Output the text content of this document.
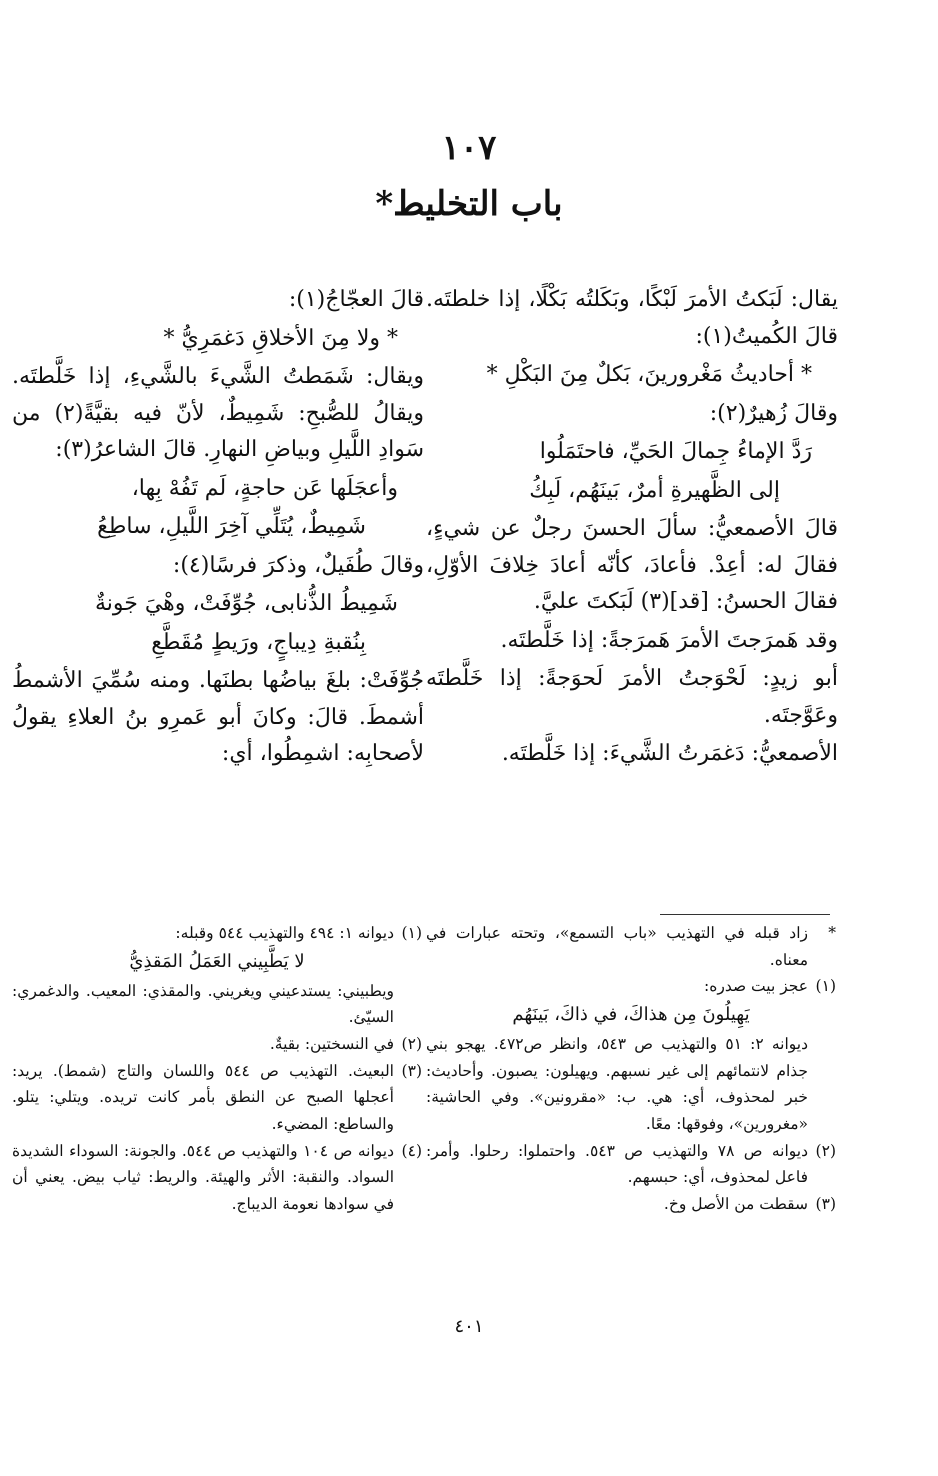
١٠٧
باب التخليط*

يقال: لَبَكتُ الأمرَ لَبْكًا، وبَكَلتُه بَكْلًا، إذا خلطتَه. قالَ الكُميتُ(١):

* أحاديثُ مَغْرورينَ، بَكلٌ مِنَ البَكْلِ *

وقالَ زُهيرٌ(٢):

رَدَّ الإماءُ جِمالَ الحَيِّ، فاحتَمَلُوا

إلى الظَّهيرةِ أمرٌ، بَينَهُم، لَبِكُ

قالَ الأصمعيُّ: سألَ الحسنَ رجلٌ عن شيءٍ، فقالَ له: أعِدْ. فأعادَ، كأنّه أعادَ خِلافَ الأوّلِ، فقالَ الحسنُ: [قد](٣) لَبَكتَ عليَّ.

وقد هَمرَجتَ الأمرَ هَمرَجةً: إذا خَلَّطتَه.

أبو زيدٍ: لَحْوَجتُ الأمرَ لَحوَجةً: إذا خَلَّطتَه وعَوَّجتَه.

الأصمعيُّ: دَغمَرتُ الشَّيءَ: إذا خَلَّطتَه.

قالَ العجّاجُ(١):

* ولا مِنَ الأخلاقِ دَغمَرِيُّ *

ويقال: شَمَطتُ الشَّيءَ بالشَّيءِ، إذا خَلَّطتَه. ويقالُ للصُّبحِ: شَمِيطٌ، لأنّ فيه بقيَّةً(٢) من سَوادِ اللَّيلِ وبياضِ النهارِ. قالَ الشاعرُ(٣):

وأعجَلَها عَن حاجةٍ، لَم تَفُهْ بِها،

شَمِيطٌ، يُتَلِّي آخِرَ اللَّيلِ، ساطِعُ

وقالَ طُفَيلٌ، وذكرَ فرسًا(٤):

شَمِيطُ الذُّنابى، جُوِّفَتْ، وهْيَ جَونةٌ

بِنُقبةِ دِيباجٍ، ورَيطٍ مُقَطَّعِ

جُوِّفَتْ: بلغَ بياضُها بطنَها. ومنه سُمِّيَ الأشمطُ أشمطَ. قالَ: وكانَ أبو عَمرِو بنُ العلاءِ يقولُ لأصحابِه: اشمِطُوا، أي:

*
زاد قبله في التهذيب «باب التسمع»، وتحته عبارات في معناه.
(١)
عجز بيت صدره:
يَهِيلُونَ مِن هذاكَ، في ذاكَ، بَينَهُم
ديوانه ٢: ٥١ والتهذيب ص ٥٤٣، وانظر ص٤٧٢. يهجو بني جذام لانتمائهم إلى غير نسبهم. ويهيلون: يصبون. وأحاديث: خبر لمحذوف، أي: هي. ب: «مقرونين». وفي الحاشية: «مغرورين»، وفوقها: معًا.
(٢)
ديوانه ص ٧٨ والتهذيب ص ٥٤٣. واحتملوا: رحلوا. وأمر: فاعل لمحذوف، أي: حبسهم.
(٣)
سقطت من الأصل وخ.
(١)
ديوانه ١: ٤٩٤ والتهذيب ٥٤٤ وقبله:
لا يَطَّبِيني العَمَلُ المَقذِيُّ
ويطبيني: يستدعيني ويغريني. والمقذي: المعيب. والدغمري: السيّئ.
(٢)
في النسختين: بقيةٌ.
(٣)
البعيث. التهذيب ص ٥٤٤ واللسان والتاج (شمط). يريد: أعجلها الصبح عن النطق بأمر كانت تريده. ويتلي: يتلو. والساطع: المضيء.
(٤)
ديوانه ص ١٠٤ والتهذيب ص ٥٤٤. والجونة: السوداء الشديدة السواد. والنقبة: الأثر والهيئة. والريط: ثياب بيض. يعني أن في سوادها نعومة الديباج.
٤٠١
